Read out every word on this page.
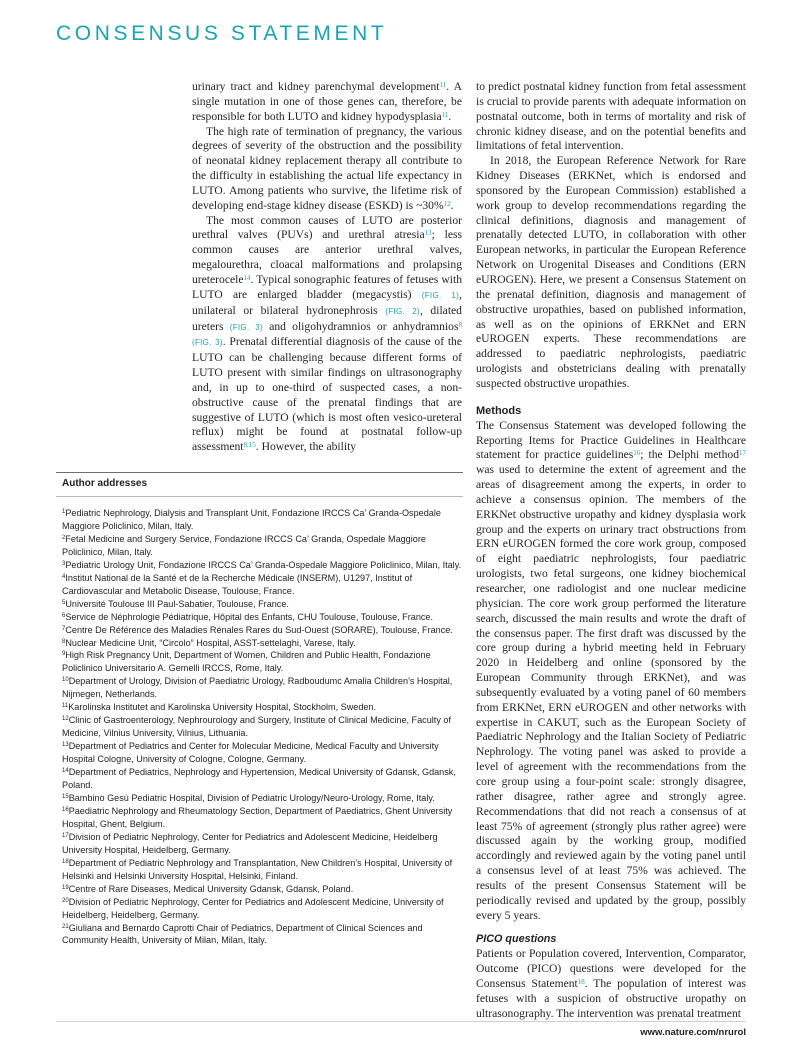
CONSENSUS STATEMENT

urinary tract and kidney parenchymal development$^{11}$. A single mutation in one of those genes can, therefore, be responsible for both LUTO and kidney hypodysplasia$^{11}$.

The high rate of termination of pregnancy, the various degrees of severity of the obstruction and the possibility of neonatal kidney replacement therapy all contribute to the difficulty in establishing the actual life expectancy in LUTO. Among patients who survive, the lifetime risk of developing end-stage kidney disease (ESKD) is ~30%$^{12}$.

The most common causes of LUTO are posterior urethral valves (PUVs) and urethral atresia$^{13}$; less common causes are anterior urethral valves, megalourethra, cloacal malformations and prolapsing ureterocele$^{14}$. Typical sonographic features of fetuses with LUTO are enlarged bladder (megacystis) (FIG. 1), unilateral or bilateral hydronephrosis (FIG. 2), dilated ureters (FIG. 3) and oligohydramnios or anhydramnios$^8$ (FIG. 3). Prenatal differential diagnosis of the cause of the LUTO can be challenging because different forms of LUTO present with similar findings on ultrasonography and, in up to one-third of suspected cases, a non-obstructive cause of the prenatal findings that are suggestive of LUTO (which is most often vesico-ureteral reflux) might be found at postnatal follow-up assessment$^{8,15}$. However, the ability

to predict postnatal kidney function from fetal assessment is crucial to provide parents with adequate information on postnatal outcome, both in terms of mortality and risk of chronic kidney disease, and on the potential benefits and limitations of fetal intervention.

In 2018, the European Reference Network for Rare Kidney Diseases (ERKNet, which is endorsed and sponsored by the European Commission) established a work group to develop recommendations regarding the clinical definitions, diagnosis and management of prenatally detected LUTO, in collaboration with other European networks, in particular the European Reference Network on Urogenital Diseases and Conditions (ERN eUROGEN). Here, we present a Consensus Statement on the prenatal definition, diagnosis and management of obstructive uropathies, based on published information, as well as on the opinions of ERKNet and ERN eUROGEN experts. These recommendations are addressed to paediatric nephrologists, paediatric urologists and obstetricians dealing with prenatally suspected obstructive uropathies.

Methods

The Consensus Statement was developed following the Reporting Items for Practice Guidelines in Healthcare statement for practice guidelines$^{16}$; the Delphi method$^{17}$ was used to determine the extent of agreement and the areas of disagreement among the experts, in order to achieve a consensus opinion. The members of the ERKNet obstructive uropathy and kidney dysplasia work group and the experts on urinary tract obstructions from ERN eUROGEN formed the core work group, composed of eight paediatric nephrologists, four paediatric urologists, two fetal surgeons, one kidney biochemical researcher, one radiologist and one nuclear medicine physician. The core work group performed the literature search, discussed the main results and wrote the draft of the consensus paper. The first draft was discussed by the core group during a hybrid meeting held in February 2020 in Heidelberg and online (sponsored by the European Community through ERKNet), and was subsequently evaluated by a voting panel of 60 members from ERKNet, ERN eUROGEN and other networks with expertise in CAKUT, such as the European Society of Paediatric Nephrology and the Italian Society of Pediatric Nephrology. The voting panel was asked to provide a level of agreement with the recommendations from the core group using a four-point scale: strongly disagree, rather disagree, rather agree and strongly agree. Recommendations that did not reach a consensus of at least 75% of agreement (strongly plus rather agree) were discussed again by the working group, modified accordingly and reviewed again by the voting panel until a consensus level of at least 75% was achieved. The results of the present Consensus Statement will be periodically revised and updated by the group, possibly every 5 years.

PICO questions

Patients or Population covered, Intervention, Comparator, Outcome (PICO) questions were developed for the Consensus Statement$^{18}$. The population of interest was fetuses with a suspicion of obstructive uropathy on ultrasonography. The intervention was prenatal treatment

Author addresses
$^1$Pediatric Nephrology, Dialysis and Transplant Unit, Fondazione IRCCS Ca’ Granda-Ospedale Maggiore Policlinico, Milan, Italy.
$^2$Fetal Medicine and Surgery Service, Fondazione IRCCS Ca’ Granda, Ospedale Maggiore Policlinico, Milan, Italy.
$^3$Pediatric Urology Unit, Fondazione IRCCS Ca’ Granda-Ospedale Maggiore Policlinico, Milan, Italy.
$^4$Institut National de la Santé et de la Recherche Médicale (INSERM), U1297, Institut of Cardiovascular and Metabolic Disease, Toulouse, France.
$^5$Université Toulouse III Paul-Sabatier, Toulouse, France.
$^6$Service de Néphrologie Pédiatrique, Hôpital des Enfants, CHU Toulouse, Toulouse, France.
$^7$Centre De Référence des Maladies Rénales Rares du Sud-Ouest (SORARE), Toulouse, France.
$^8$Nuclear Medicine Unit, “Circolo” Hospital, ASST-settelaghi, Varese, Italy.
$^9$High Risk Pregnancy Unit, Department of Women, Children and Public Health, Fondazione Policlinico Universitario A. Gemelli IRCCS, Rome, Italy.
$^{10}$Department of Urology, Division of Paediatric Urology, Radboudumc Amalia Children’s Hospital, Nijmegen, Netherlands.
$^{11}$Karolinska Institutet and Karolinska University Hospital, Stockholm, Sweden.
$^{12}$Clinic of Gastroenterology, Nephrourology and Surgery, Institute of Clinical Medicine, Faculty of Medicine, Vilnius University, Vilnius, Lithuania.
$^{13}$Department of Pediatrics and Center for Molecular Medicine, Medical Faculty and University Hospital Cologne, University of Cologne, Cologne, Germany.
$^{14}$Department of Pediatrics, Nephrology and Hypertension, Medical University of Gdansk, Gdansk, Poland.
$^{15}$Bambino Gesù Pediatric Hospital, Division of Pediatric Urology/Neuro-Urology, Rome, Italy.
$^{16}$Paediatric Nephrology and Rheumatology Section, Department of Paediatrics, Ghent University Hospital, Ghent, Belgium.
$^{17}$Division of Pediatric Nephrology, Center for Pediatrics and Adolescent Medicine, Heidelberg University Hospital, Heidelberg, Germany.
$^{18}$Department of Pediatric Nephrology and Transplantation, New Children’s Hospital, University of Helsinki and Helsinki University Hospital, Helsinki, Finland.
$^{19}$Centre of Rare Diseases, Medical University Gdansk, Gdansk, Poland.
$^{20}$Division of Pediatric Nephrology, Center for Pediatrics and Adolescent Medicine, University of Heidelberg, Heidelberg, Germany.
$^{21}$Giuliana and Bernardo Caprotti Chair of Pediatrics, Department of Clinical Sciences and Community Health, University of Milan, Milan, Italy.
www.nature.com/nrurol
